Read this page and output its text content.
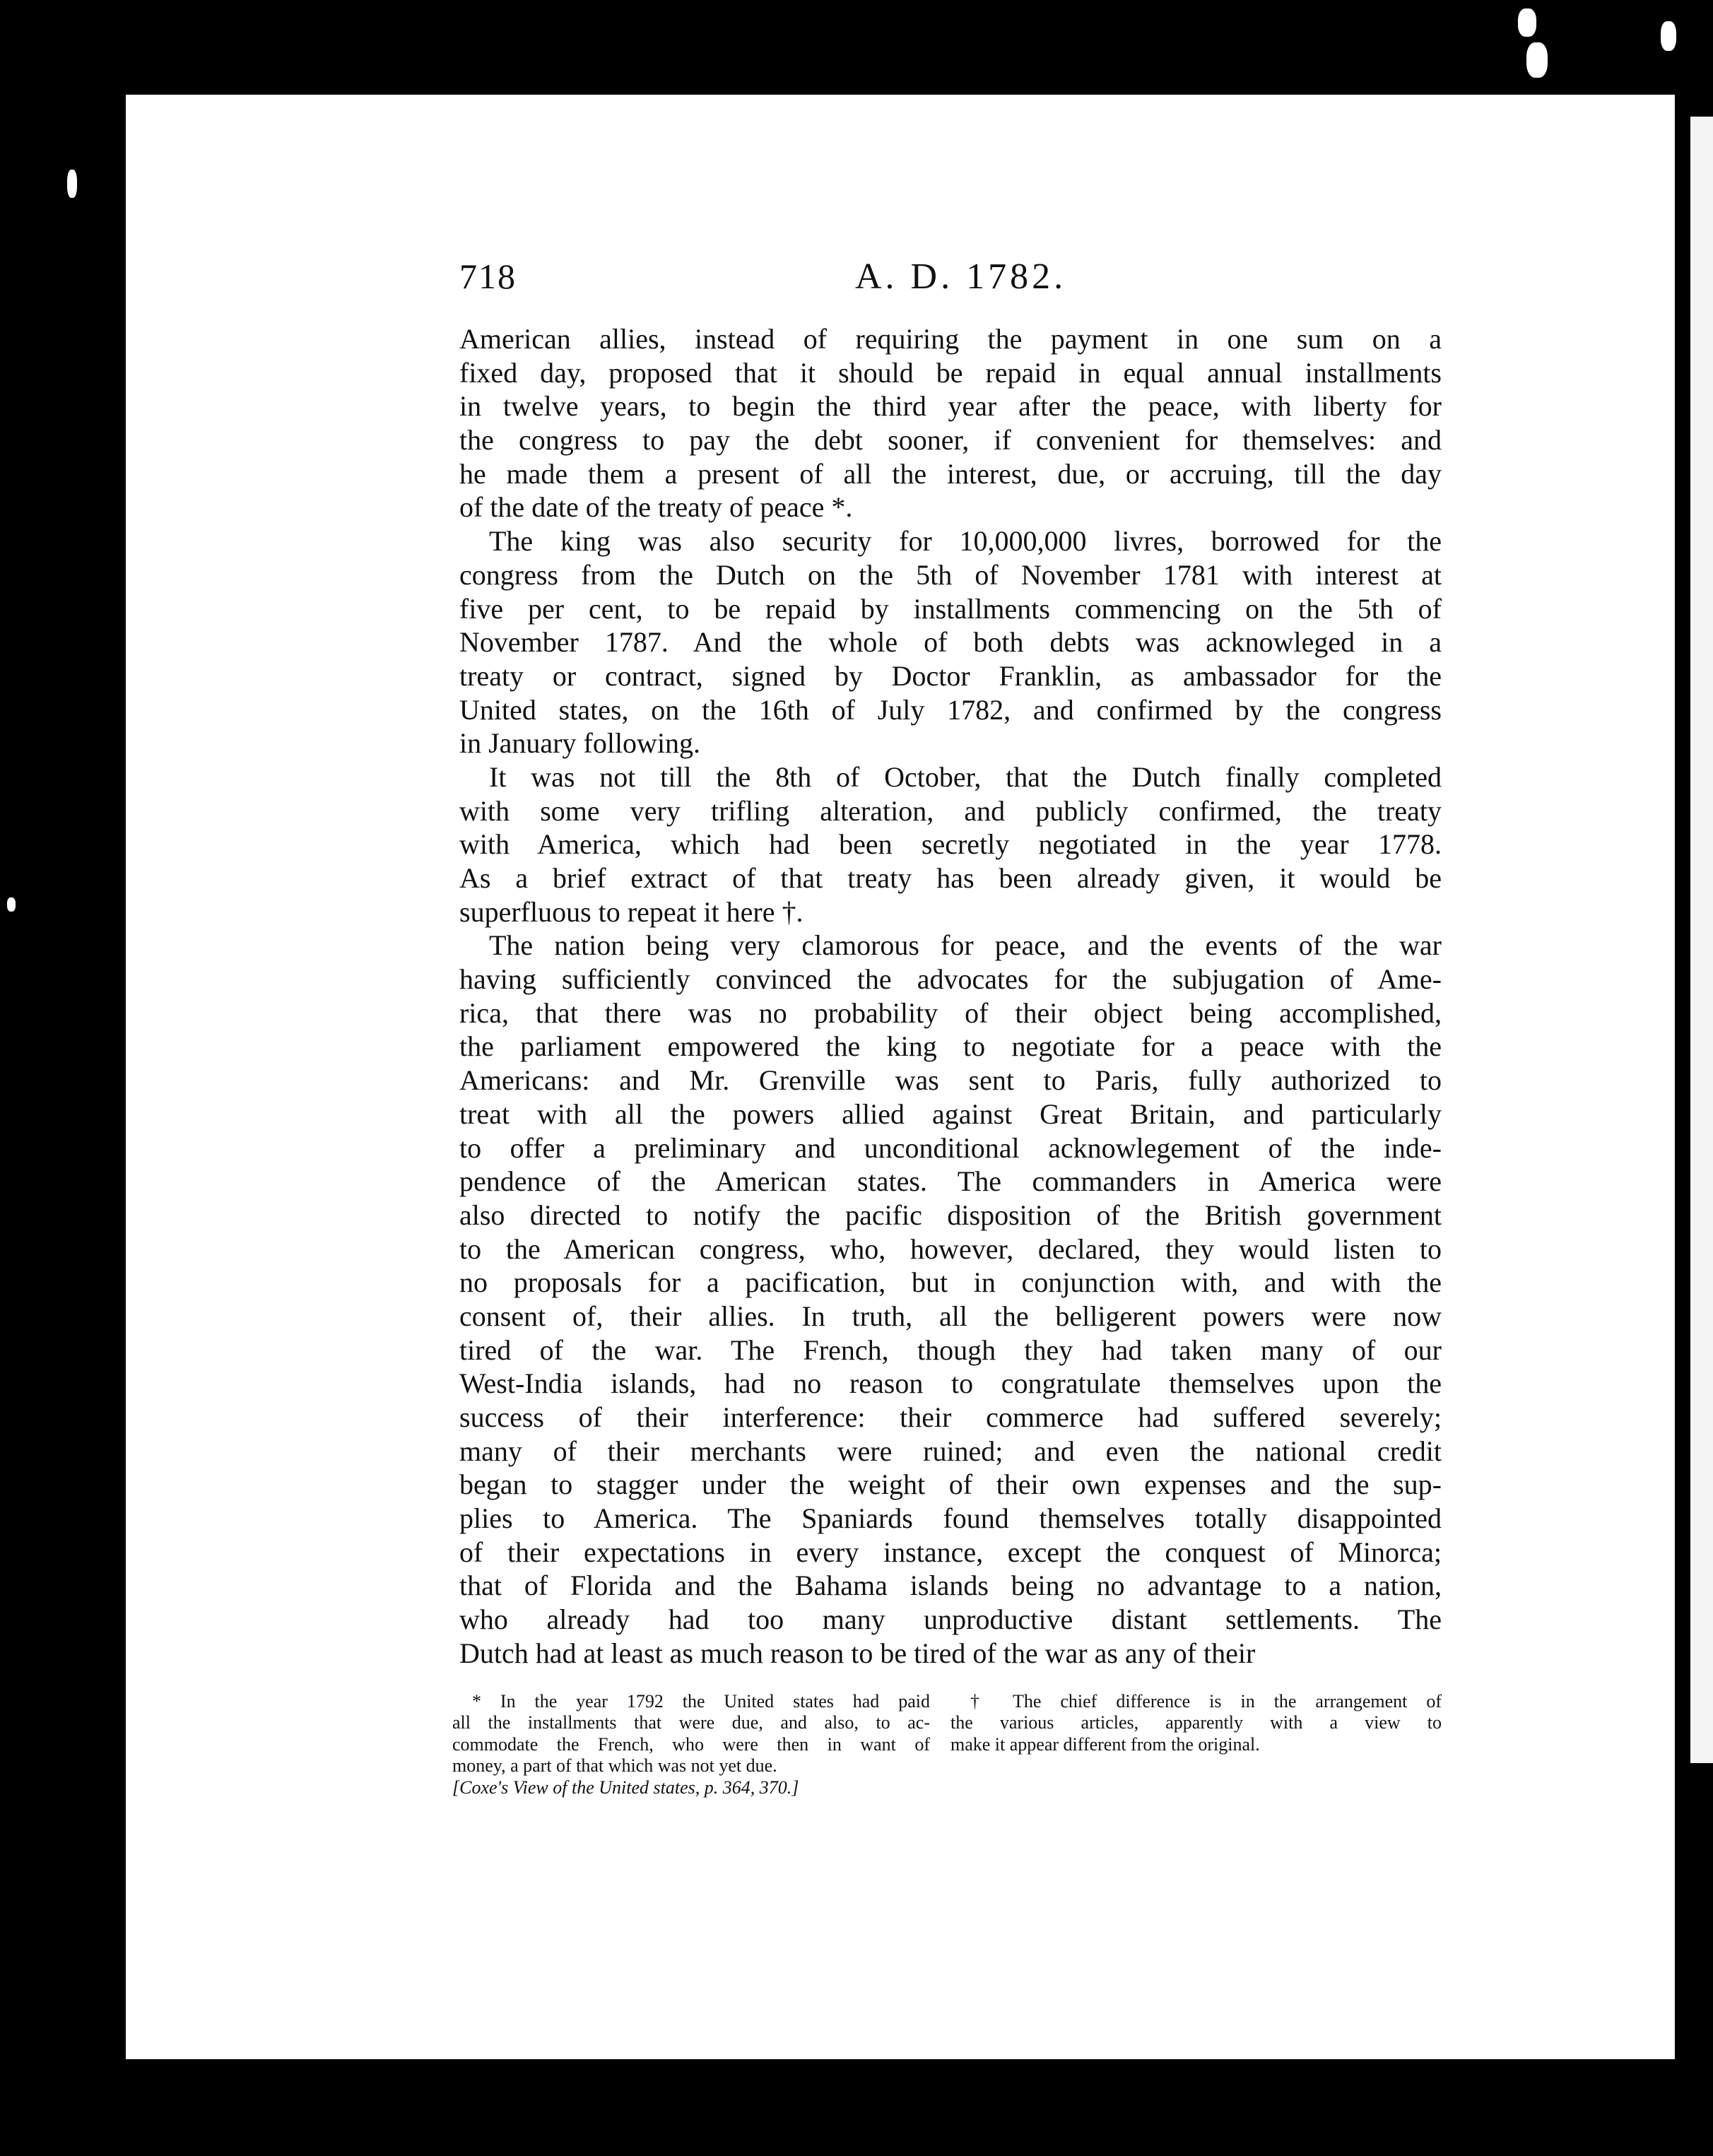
718	A. D. 1782.
American allies, instead of requiring the payment in one sum on a
fixed day, proposed that it should be repaid in equal annual installments
in twelve years, to begin the third year after the peace, with liberty for
the congress to pay the debt sooner, if convenient for themselves: and
he made them a present of all the interest, due, or accruing, till the day
of the date of the treaty of peace *.
The king was also security for 10,000,000 livres, borrowed for the
congress from the Dutch on the 5th of November 1781 with interest at
five per cent, to be repaid by installments commencing on the 5th of
November 1787. And the whole of both debts was acknowleged in a
treaty or contract, signed by Doctor Franklin, as ambassador for the
United states, on the 16th of July 1782, and confirmed by the congress
in January following.
It was not till the 8th of October, that the Dutch finally completed
with some very trifling alteration, and publicly confirmed, the treaty
with America, which had been secretly negotiated in the year 1778.
As a brief extract of that treaty has been already given, it would be
superfluous to repeat it here †.
The nation being very clamorous for peace, and the events of the war
having sufficiently convinced the advocates for the subjugation of Ame-
rica, that there was no probability of their object being accomplished,
the parliament empowered the king to negotiate for a peace with the
Americans: and Mr. Grenville was sent to Paris, fully authorized to
treat with all the powers allied against Great Britain, and particularly
to offer a preliminary and unconditional acknowlegement of the inde-
pendence of the American states. The commanders in America were
also directed to notify the pacific disposition of the British government
to the American congress, who, however, declared, they would listen to
no proposals for a pacification, but in conjunction with, and with the
consent of, their allies. In truth, all the belligerent powers were now
tired of the war. The French, though they had taken many of our
West-India islands, had no reason to congratulate themselves upon the
success of their interference: their commerce had suffered severely;
many of their merchants were ruined; and even the national credit
began to stagger under the weight of their own expenses and the sup-
plies to America. The Spaniards found themselves totally disappointed
of their expectations in every instance, except the conquest of Minorca;
that of Florida and the Bahama islands being no advantage to a nation,
who already had too many unproductive distant settlements. The
Dutch had at least as much reason to be tired of the war as any of their
* In the year 1792 the United states had paid
all the installments that were due, and also, to ac-
commodate the French, who were then in want of
money, a part of that which was not yet due.
[Coxe's View of the United states, p. 364, 370.]
† The chief difference is in the arrangement of
the various articles, apparently with a view to
make it appear different from the original.
